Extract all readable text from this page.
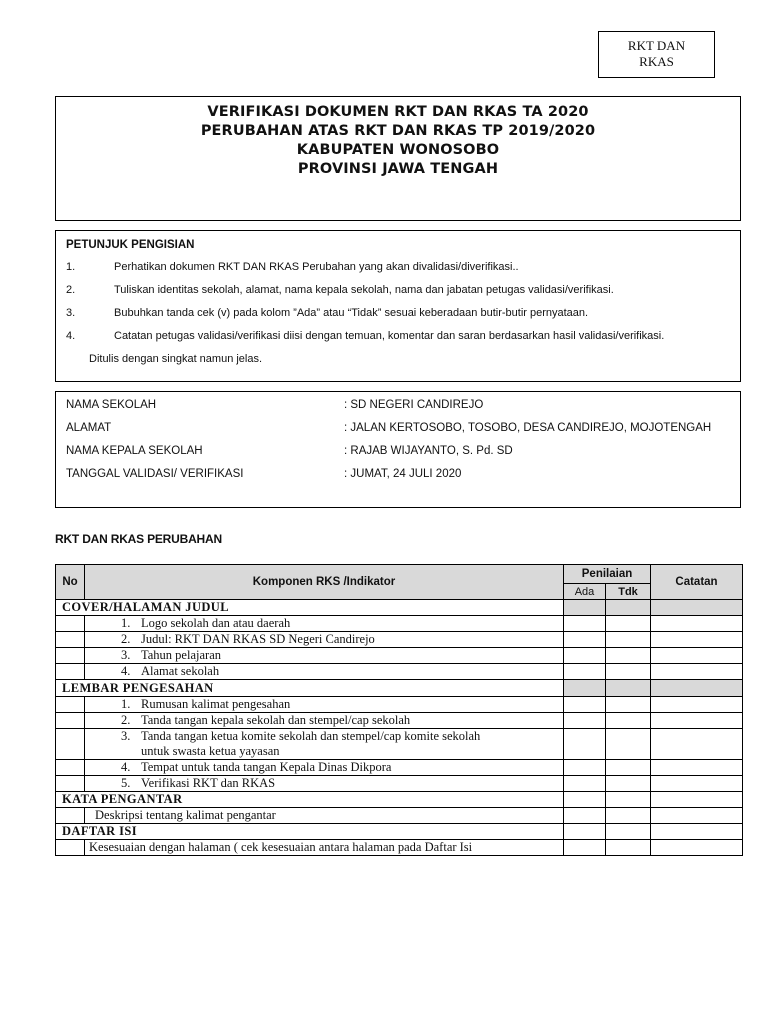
RKT DAN
RKAS
VERIFIKASI DOKUMEN RKT DAN RKAS TA 2020
PERUBAHAN ATAS RKT DAN RKAS TP 2019/2020
KABUPATEN WONOSOBO
PROVINSI JAWA TENGAH
PETUNJUK PENGISIAN
1.	Perhatikan dokumen RKT DAN RKAS Perubahan yang akan divalidasi/diverifikasi..
2.	Tuliskan identitas sekolah, alamat, nama kepala sekolah, nama dan jabatan petugas validasi/verifikasi.
3.	Bubuhkan tanda cek (v) pada kolom ”Ada” atau “Tidak” sesuai keberadaan butir-butir pernyataan.
4.	Catatan petugas validasi/verifikasi diisi dengan temuan, komentar dan saran berdasarkan hasil validasi/verifikasi.
Ditulis dengan singkat namun jelas.
NAMA SEKOLAH	: SD NEGERI CANDIREJO
ALAMAT	: JALAN KERTOSOBO, TOSOBO, DESA CANDIREJO, MOJOTENGAH
NAMA KEPALA SEKOLAH	: RAJAB WIJAYANTO, S. Pd. SD
TANGGAL VALIDASI/ VERIFIKASI	: JUMAT, 24 JULI 2020
RKT DAN RKAS PERUBAHAN
No	Komponen RKS /Indikator	Penilaian		Catatan
		Ada	Tdk	
COVER/HALAMAN JUDUL				
	1. Logo sekolah dan atau daerah			
	2. Judul: RKT DAN RKAS SD Negeri Candirejo			
	3. Tahun pelajaran			
	4. Alamat sekolah			
LEMBAR PENGESAHAN				
	1. Rumusan kalimat pengesahan			
	2. Tanda tangan kepala sekolah dan stempel/cap sekolah			

	3. Tanda tangan ketua komite sekolah dan stempel/cap komite sekolah
untuk swasta ketua yayasan			

	4. Tempat untuk tanda tangan Kepala Dinas Dikpora			
	5. Verifikasi RKT dan RKAS			
KATA PENGANTAR				
	Deskripsi tentang kalimat pengantar			
DAFTAR ISI				
	Kesesuaian dengan halaman ( cek kesesuaian antara halaman pada Daftar Isi			
